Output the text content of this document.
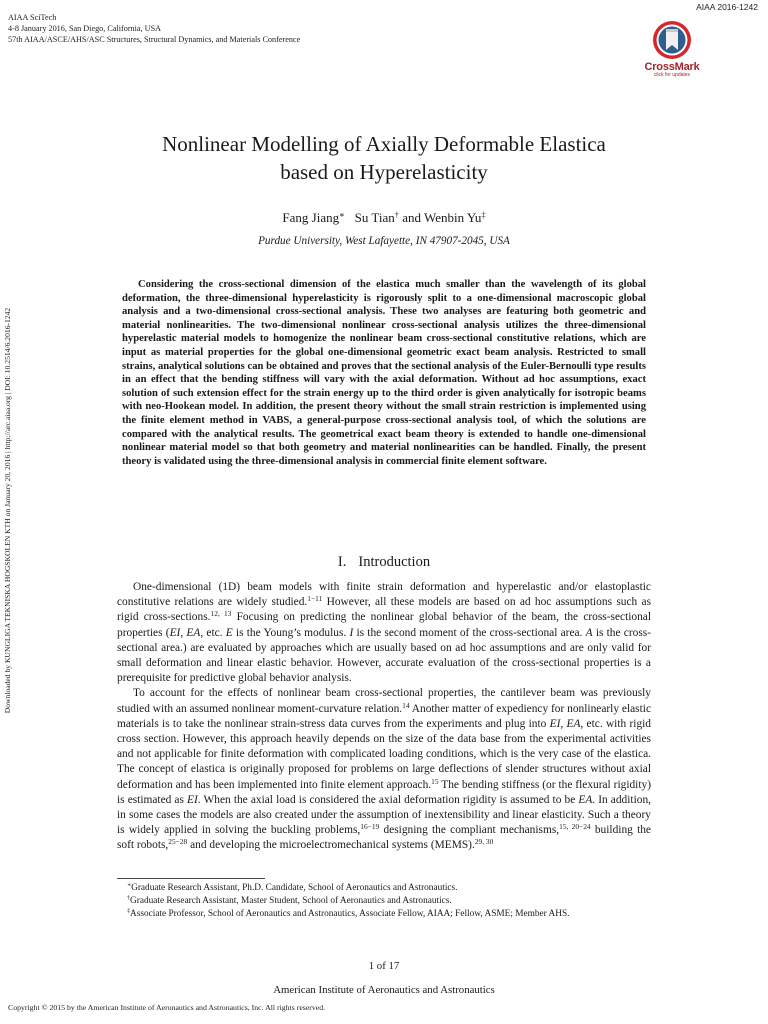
AIAA 2016-1242
AIAA SciTech
4-8 January 2016, San Diego, California, USA
57th AIAA/ASCE/AHS/ASC Structures, Structural Dynamics, and Materials Conference
CrossMark
click for updates
Downloaded by KUNGLIGA TEKNISKA HOGSKOLEN KTH on January 20, 2016 | http://arc.aiaa.org | DOI: 10.2514/6.2016-1242
Nonlinear Modelling of Axially Deformable Elastica
based on Hyperelasticity
Fang Jiang∗ Su Tian† and Wenbin Yu‡
Purdue University, West Lafayette, IN 47907-2045, USA
Considering the cross-sectional dimension of the elastica much smaller than the wavelength of its global deformation, the three-dimensional hyperelasticity is rigorously split to a one-dimensional macroscopic global analysis and a two-dimensional cross-sectional analysis. These two analyses are featuring both geometric and material nonlinearities. The two-dimensional nonlinear cross-sectional analysis utilizes the three-dimensional hyperelastic material models to homogenize the nonlinear beam cross-sectional constitutive relations, which are input as material properties for the global one-dimensional geometric exact beam analysis. Restricted to small strains, analytical solutions can be obtained and proves that the sectional analysis of the Euler-Bernoulli type results in an effect that the bending stiffness will vary with the axial deformation. Without ad hoc assumptions, exact solution of such extension effect for the strain energy up to the third order is given analytically for isotropic beams with neo-Hookean model. In addition, the present theory without the small strain restriction is implemented using the finite element method in VABS, a general-purpose cross-sectional analysis tool, of which the solutions are compared with the analytical results. The geometrical exact beam theory is extended to handle one-dimensional nonlinear material model so that both geometry and material nonlinearities can be handled. Finally, the present theory is validated using the three-dimensional analysis in commercial finite element software.
I. Introduction

One-dimensional (1D) beam models with finite strain deformation and hyperelastic and/or elastoplastic constitutive relations are widely studied.$^{1-11}$ However, all these models are based on ad hoc assumptions such as rigid cross-sections.$^{12, 13}$ Focusing on predicting the nonlinear global behavior of the beam, the cross-sectional properties (EI, EA, etc. E is the Young’s modulus. I is the second moment of the cross-sectional area. A is the cross-sectional area.) are evaluated by approaches which are usually based on ad hoc assumptions and are only valid for small deformation and linear elastic behavior. However, accurate evaluation of the cross-sectional properties is a prerequisite for predictive global behavior analysis.

To account for the effects of nonlinear beam cross-sectional properties, the cantilever beam was previously studied with an assumed nonlinear moment-curvature relation.$^{14}$ Another matter of expediency for nonlinearly elastic materials is to take the nonlinear strain-stress data curves from the experiments and plug into EI, EA, etc. with rigid cross section. However, this approach heavily depends on the size of the data base from the experimental activities and not applicable for finite deformation with complicated loading conditions, which is the very case of the elastica. The concept of elastica is originally proposed for problems on large deflections of slender structures without axial deformation and has been implemented into finite element approach.$^{15}$ The bending stiffness (or the flexural rigidity) is estimated as EI. When the axial load is considered the axial deformation rigidity is assumed to be EA. In addition, in some cases the models are also created under the assumption of inextensibility and linear elasticity. Such a theory is widely applied in solving the buckling problems,$^{16-19}$ designing the compliant mechanisms,$^{15, 20-24}$ building the soft robots,$^{25-28}$ and developing the microelectromechanical systems (MEMS).$^{29, 30}$

∗Graduate Research Assistant, Ph.D. Candidate, School of Aeronautics and Astronautics.
†Graduate Research Assistant, Master Student, School of Aeronautics and Astronautics.
‡Associate Professor, School of Aeronautics and Astronautics, Associate Fellow, AIAA; Fellow, ASME; Member AHS.
1 of 17
American Institute of Aeronautics and Astronautics
Copyright © 2015 by the American Institute of Aeronautics and Astronautics, Inc. All rights reserved.
